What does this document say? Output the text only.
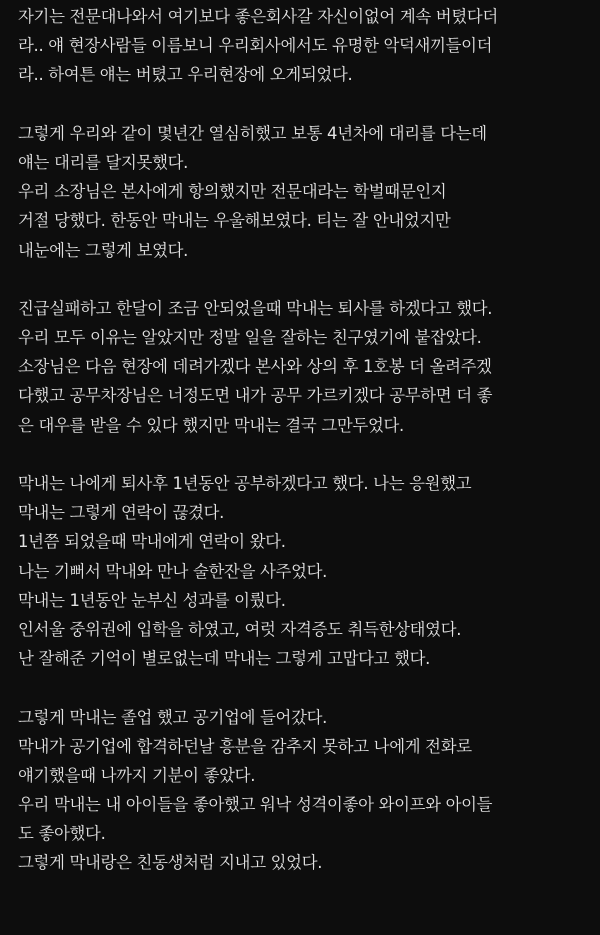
자기는 전문대나와서 여기보다 좋은회사갈 자신이없어 계속 버텼다더
라.. 얘 현장사람들 이름보니 우리회사에서도 유명한 악덕새끼들이더
라.. 하여튼 얘는 버텼고 우리현장에 오게되었다.
그렇게 우리와 같이 몇년간 열심히했고 보통 4년차에 대리를 다는데
얘는 대리를 달지못했다.
우리 소장님은 본사에게 항의했지만 전문대라는 학벌때문인지
거절 당했다. 한동안 막내는 우울해보였다. 티는 잘 안내었지만
내눈에는 그렇게 보였다.
진급실패하고 한달이 조금 안되었을때 막내는 퇴사를 하겠다고 했다.
우리 모두 이유는 알았지만 정말 일을 잘하는 친구였기에 붙잡았다.
소장님은 다음 현장에 데려가겠다 본사와 상의 후 1호봉 더 올려주겠
다했고 공무차장님은 너정도면 내가 공무 가르키겠다 공무하면 더 좋
은 대우를 받을 수 있다 했지만 막내는 결국 그만두었다.
막내는 나에게 퇴사후 1년동안 공부하겠다고 했다. 나는 응원했고
막내는 그렇게 연락이 끊겼다.
1년쯤 되었을때 막내에게 연락이 왔다.
나는 기뻐서 막내와 만나 술한잔을 사주었다.
막내는 1년동안 눈부신 성과를 이뤘다.
인서울 중위권에 입학을 하였고, 여럿 자격증도 취득한상태였다.
난 잘해준 기억이 별로없는데 막내는 그렇게 고맙다고 했다.
그렇게 막내는 졸업 했고 공기업에 들어갔다.
막내가 공기업에 합격하던날 흥분을 감추지 못하고 나에게 전화로
얘기했을때 나까지 기분이 좋았다.
우리 막내는 내 아이들을 좋아했고 워낙 성격이좋아 와이프와 아이들
도 좋아했다.
그렇게 막내랑은 친동생처럼 지내고 있었다.
